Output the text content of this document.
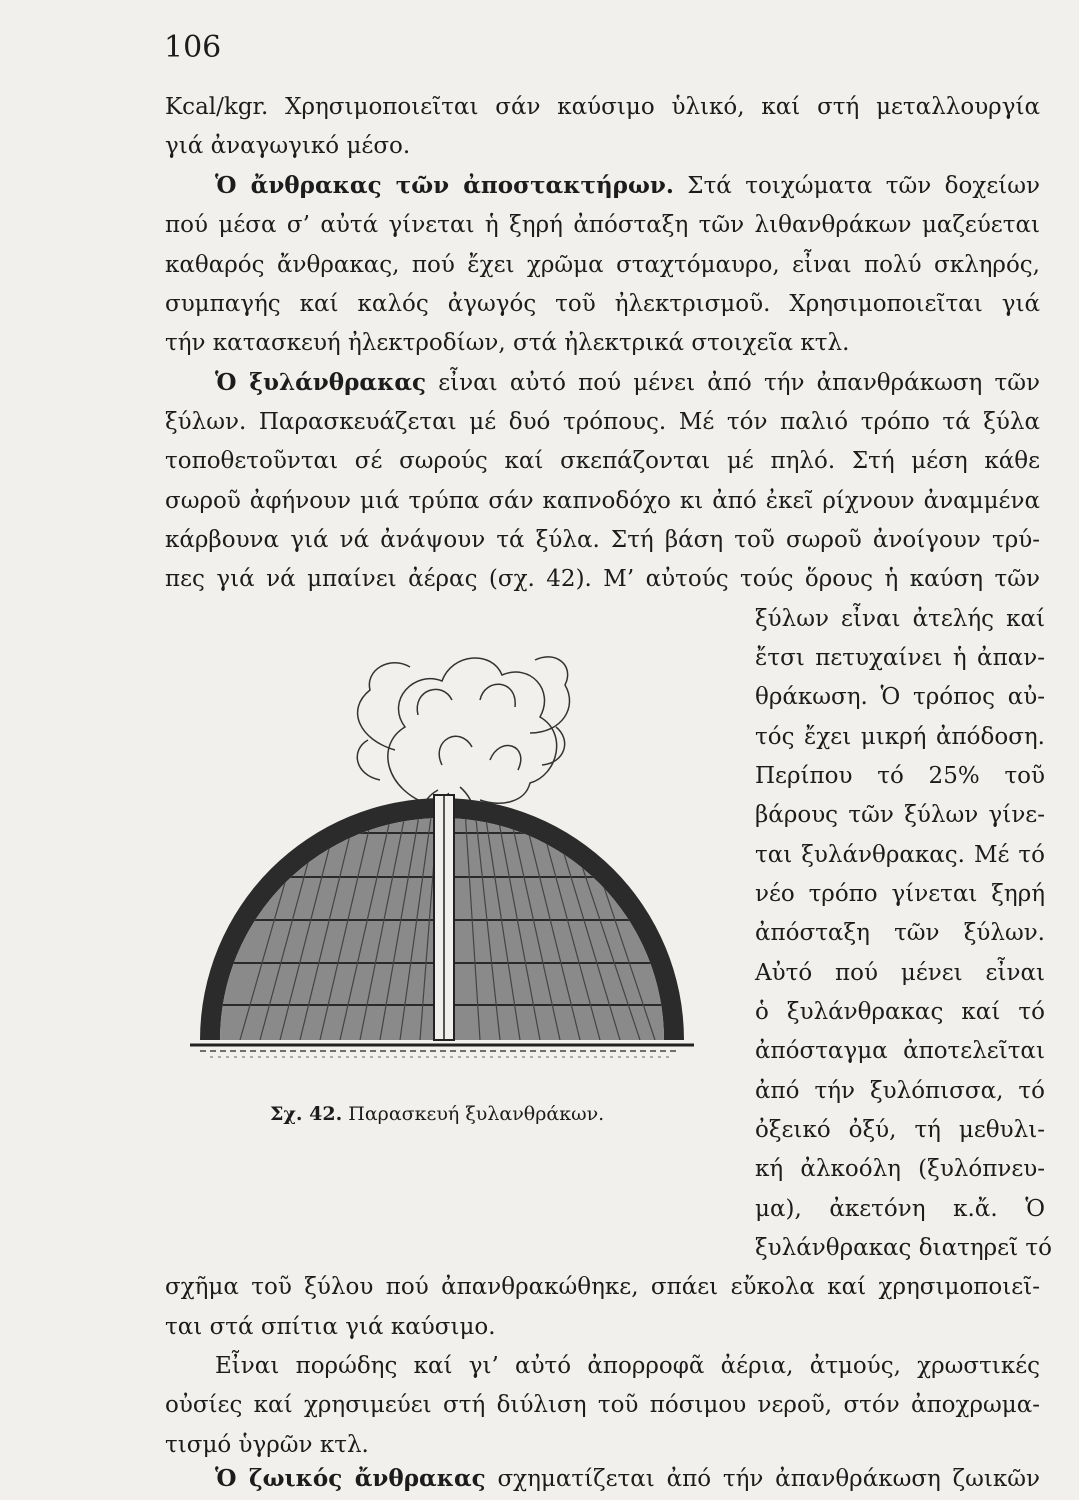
106
Kcal/kgr. Χρησιμοποιεῖται σάν καύσιμο ὑλικό, καί στή μεταλλουργία
γιά ἀναγωγικό μέσο.
Ὁ ἄνθρακας τῶν ἀποστακτήρων. Στά τοιχώματα τῶν δοχείων
πού μέσα σ’ αὐτά γίνεται ἡ ξηρή ἀπόσταξη τῶν λιθανθράκων μαζεύεται
καθαρός ἄνθρακας, πού ἔχει χρῶμα σταχτόμαυρο, εἶναι πολύ σκληρός,
συμπαγής καί καλός ἀγωγός τοῦ ἠλεκτρισμοῦ. Χρησιμοποιεῖται γιά
τήν κατασκευή ἠλεκτροδίων, στά ἠλεκτρικά στοιχεῖα κτλ.
Ὁ ξυλάνθρακας εἶναι αὐτό πού μένει ἀπό τήν ἀπανθράκωση τῶν
ξύλων. Παρασκευάζεται μέ δυό τρόπους. Μέ τόν παλιό τρόπο τά ξύλα
τοποθετοῦνται σέ σωρούς καί σκεπάζονται μέ πηλό. Στή μέση κάθε
σωροῦ ἀφήνουν μιά τρύπα σάν καπνοδόχο κι ἀπό ἐκεῖ ρίχνουν ἀναμμένα
κάρβουνα γιά νά ἀνάψουν τά ξύλα. Στή βάση τοῦ σωροῦ ἀνοίγουν τρύ-
πες γιά νά μπαίνει ἀέρας (σχ. 42). Μ’ αὐτούς τούς ὅρους ἡ καύση τῶν
ξύλων εἶναι ἀτελής καί
ἔτσι πετυχαίνει ἡ ἀπαν-
θράκωση. Ὁ τρόπος αὐ-
τός ἔχει μικρή ἀπόδοση.
Περίπου τό 25% τοῦ
βάρους τῶν ξύλων γίνε-
ται ξυλάνθρακας. Μέ τό
νέο τρόπο γίνεται ξηρή
ἀπόσταξη τῶν ξύλων.
Αὐτό πού μένει εἶναι
ὁ ξυλάνθρακας καί τό
ἀπόσταγμα ἀποτελεῖται
ἀπό τήν ξυλόπισσα, τό
ὀξεικό ὀξύ, τή μεθυλι-
κή ἀλκοόλη (ξυλόπνευ-
μα), ἀκετόνη κ.ἄ. Ὁ
ξυλάνθρακας διατηρεῖ τό
σχῆμα τοῦ ξύλου πού ἀπανθρακώθηκε, σπάει εὔκολα καί χρησιμοποιεῖ-
ται στά σπίτια γιά καύσιμο.
Εἶναι πορώδης καί γι’ αὐτό ἀπορροφᾶ ἀέρια, ἀτμούς, χρωστικές
οὐσίες καί χρησιμεύει στή διύλιση τοῦ πόσιμου νεροῦ, στόν ἀποχρωμα-
τισμό ὑγρῶν κτλ.
Ὁ ζωικός ἄνθρακας σχηματίζεται ἀπό τήν ἀπανθράκωση ζωικῶν
Σχ. 42. Παρασκευή ξυλανθράκων.
